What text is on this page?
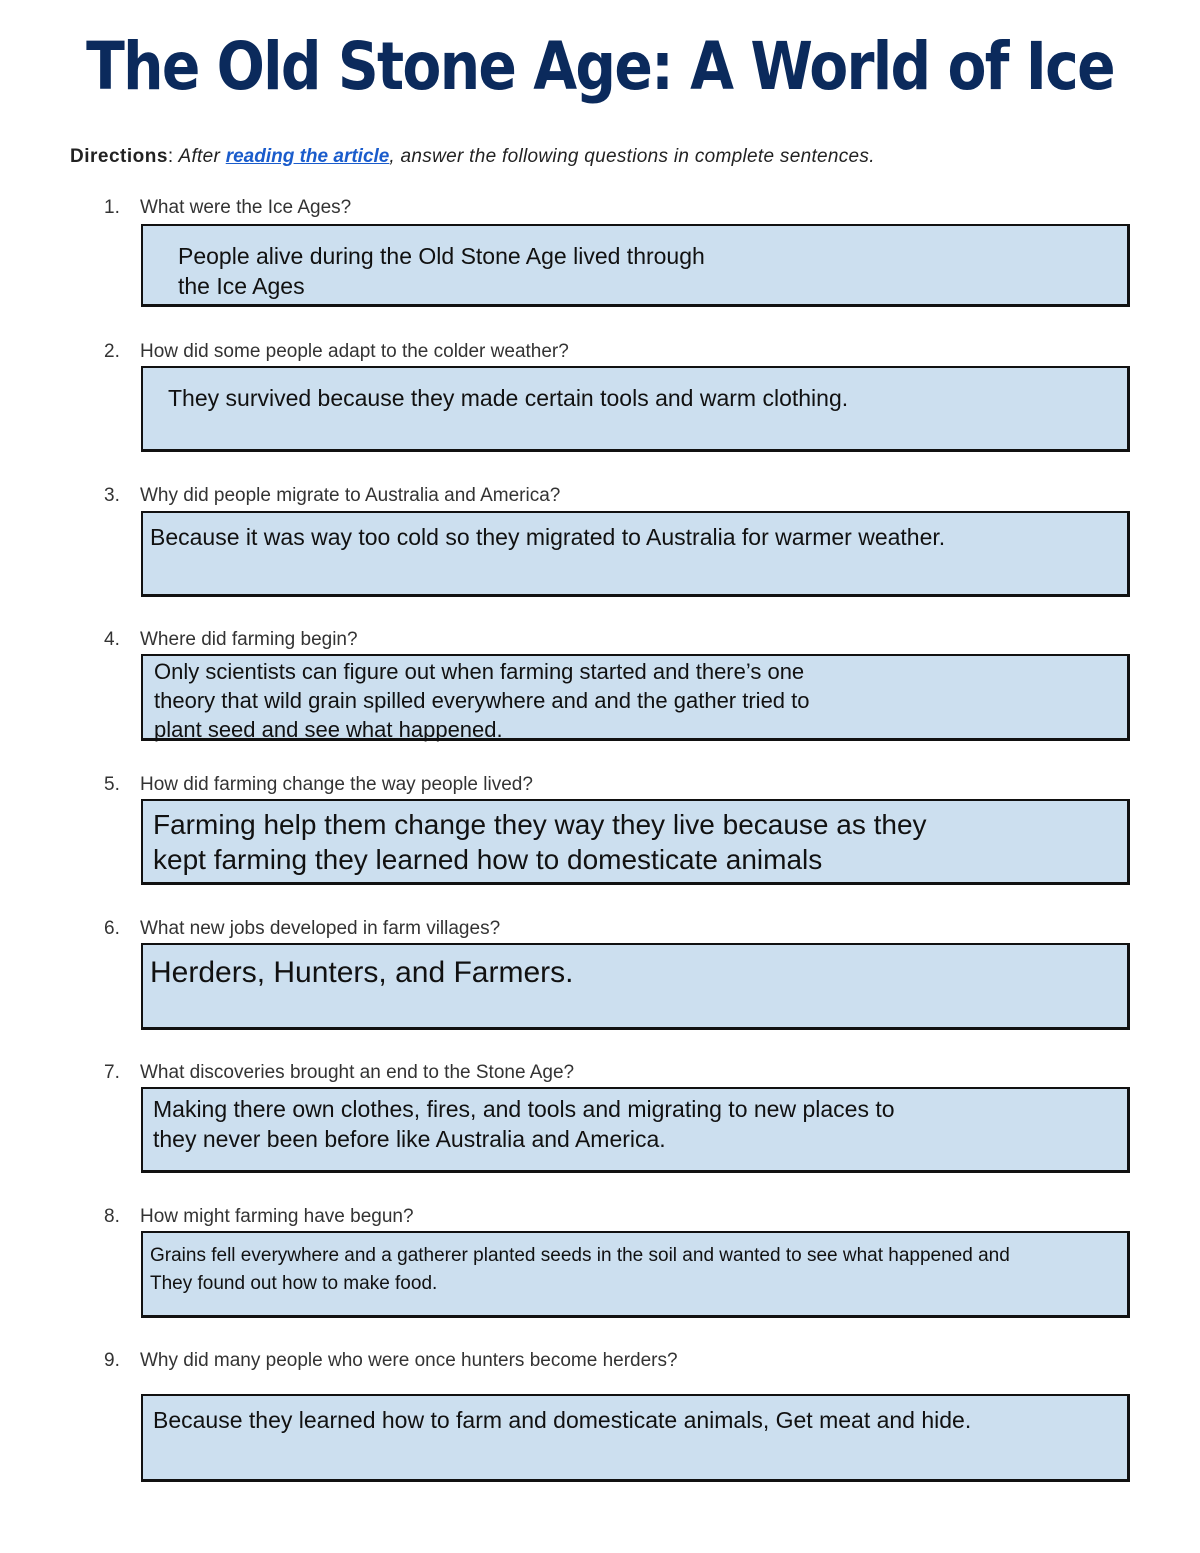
The Old Stone Age: A World of Ice
Directions: After reading the article, answer the following questions in complete sentences.
1. What were the Ice Ages?
People alive during the Old Stone Age lived through
the Ice Ages
2. How did some people adapt to the colder weather?
They survived because they made certain tools and warm clothing.
3. Why did people migrate to Australia and America?
Because it was way too cold so they migrated to Australia for warmer weather.
4. Where did farming begin?
Only scientists can figure out when farming started and there’s one
theory that wild grain spilled everywhere and and the gather tried to
plant seed and see what happened.
5. How did farming change the way people lived?
Farming help them change they way they live because as they
kept farming they learned how to domesticate animals
6. What new jobs developed in farm villages?
Herders, Hunters, and Farmers.
7. What discoveries brought an end to the Stone Age?
Making there own clothes, fires, and tools and migrating to new places to
they never been before like Australia and America.
8. How might farming have begun?
Grains fell everywhere and a gatherer planted seeds in the soil and wanted to see what happened and
They found out how to make food.
9. Why did many people who were once hunters become herders?
Because they learned how to farm and domesticate animals, Get meat and hide.
